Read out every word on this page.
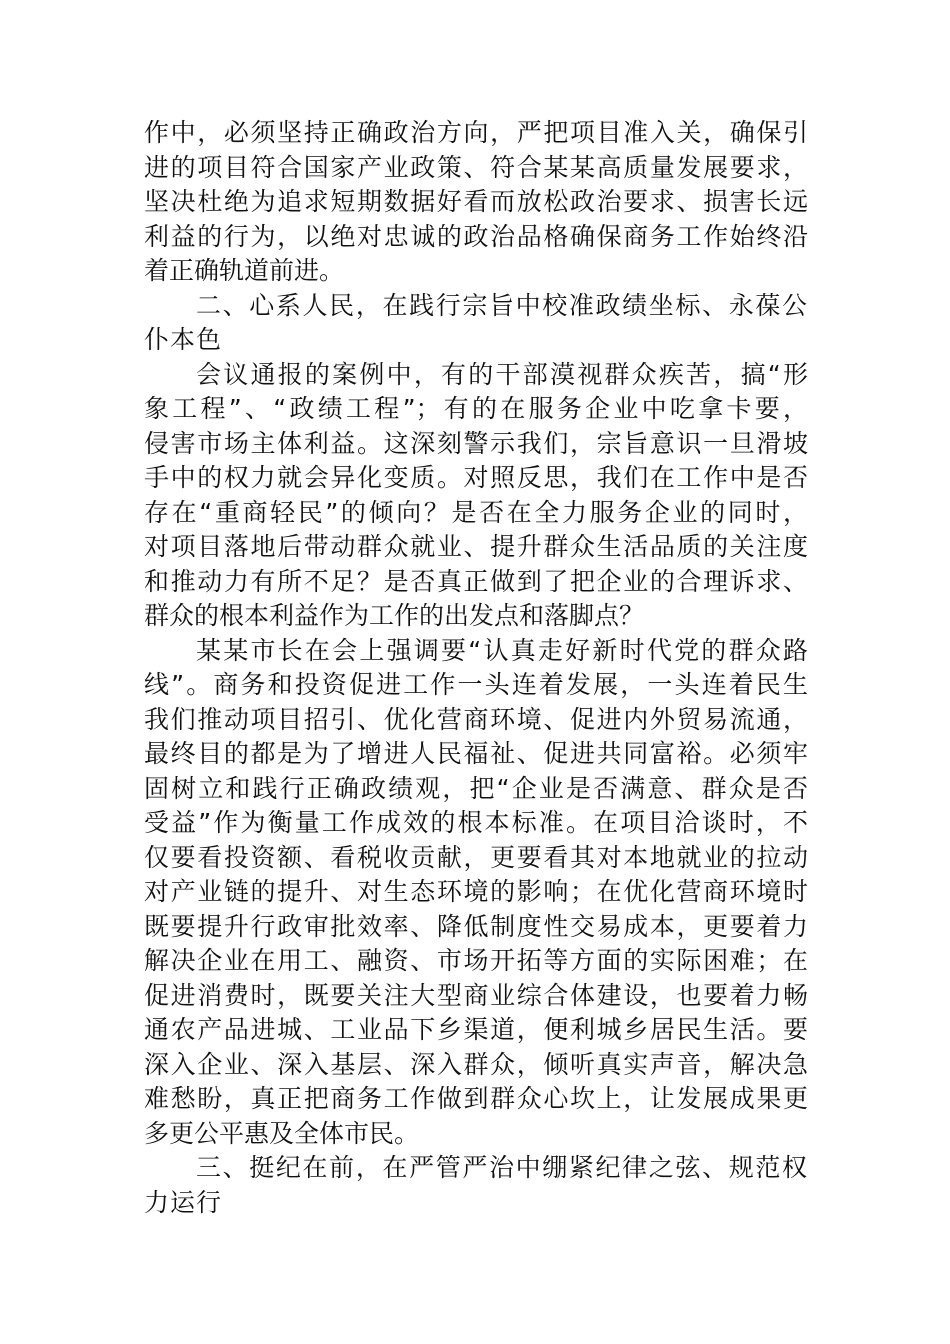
作中，必须坚持正确政治方向，严把项目准入关，确保引
进的项目符合国家产业政策、符合某某高质量发展要求，
坚决杜绝为追求短期数据好看而放松政治要求、损害长远
利益的行为，以绝对忠诚的政治品格确保商务工作始终沿
着正确轨道前进。
二、心系人民，在践行宗旨中校准政绩坐标、永葆公
仆本色
会议通报的案例中，有的干部漠视群众疾苦，搞“形
象工程”、“政绩工程”；有的在服务企业中吃拿卡要，
侵害市场主体利益。这深刻警示我们，宗旨意识一旦滑坡
手中的权力就会异化变质。对照反思，我们在工作中是否
存在“重商轻民”的倾向？是否在全力服务企业的同时，
对项目落地后带动群众就业、提升群众生活品质的关注度
和推动力有所不足？是否真正做到了把企业的合理诉求、
群众的根本利益作为工作的出发点和落脚点？
某某市长在会上强调要“认真走好新时代党的群众路
线”。商务和投资促进工作一头连着发展，一头连着民生
我们推动项目招引、优化营商环境、促进内外贸易流通，
最终目的都是为了增进人民福祉、促进共同富裕。必须牢
固树立和践行正确政绩观，把“企业是否满意、群众是否
受益”作为衡量工作成效的根本标准。在项目洽谈时，不
仅要看投资额、看税收贡献，更要看其对本地就业的拉动
对产业链的提升、对生态环境的影响；在优化营商环境时
既要提升行政审批效率、降低制度性交易成本，更要着力
解决企业在用工、融资、市场开拓等方面的实际困难；在
促进消费时，既要关注大型商业综合体建设，也要着力畅
通农产品进城、工业品下乡渠道，便利城乡居民生活。要
深入企业、深入基层、深入群众，倾听真实声音，解决急
难愁盼，真正把商务工作做到群众心坎上，让发展成果更
多更公平惠及全体市民。
三、挺纪在前，在严管严治中绷紧纪律之弦、规范权
力运行
